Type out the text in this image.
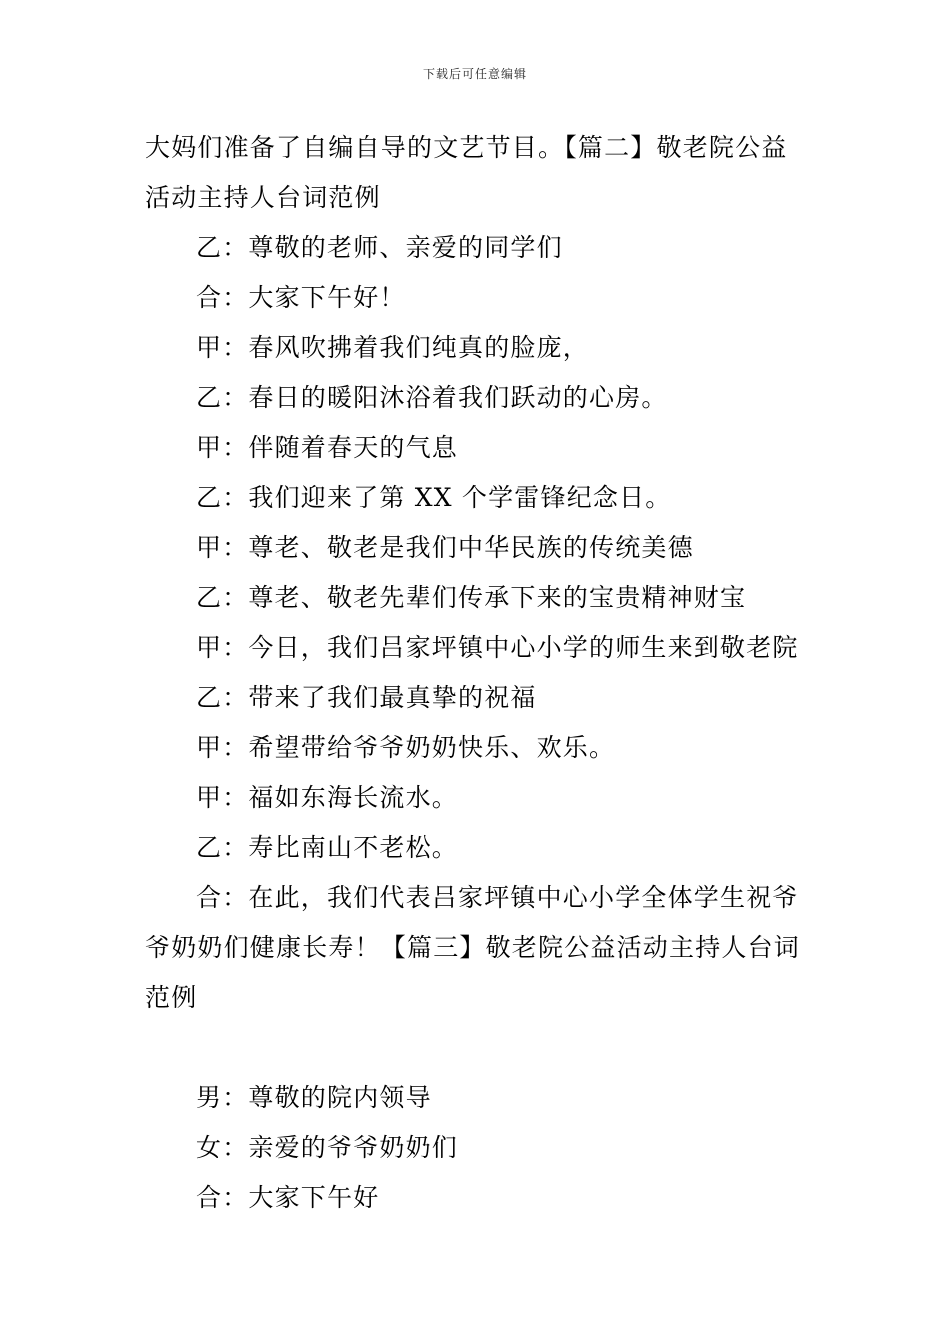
下载后可任意编辑
大妈们准备了自编自导的文艺节目。【篇二】敬老院公益
活动主持人台词范例
乙：尊敬的老师、亲爱的同学们
合：大家下午好！
甲：春风吹拂着我们纯真的脸庞，
乙：春日的暖阳沐浴着我们跃动的心房。
甲：伴随着春天的气息
乙：我们迎来了第 XX 个学雷锋纪念日。
甲：尊老、敬老是我们中华民族的传统美德
乙：尊老、敬老先辈们传承下来的宝贵精神财宝
甲：今日，我们吕家坪镇中心小学的师生来到敬老院
乙：带来了我们最真挚的祝福
甲：希望带给爷爷奶奶快乐、欢乐。
甲：福如东海长流水。
乙：寿比南山不老松。
合：在此，我们代表吕家坪镇中心小学全体学生祝爷
爷奶奶们健康长寿！【篇三】敬老院公益活动主持人台词
范例
男：尊敬的院内领导
女：亲爱的爷爷奶奶们
合：大家下午好
